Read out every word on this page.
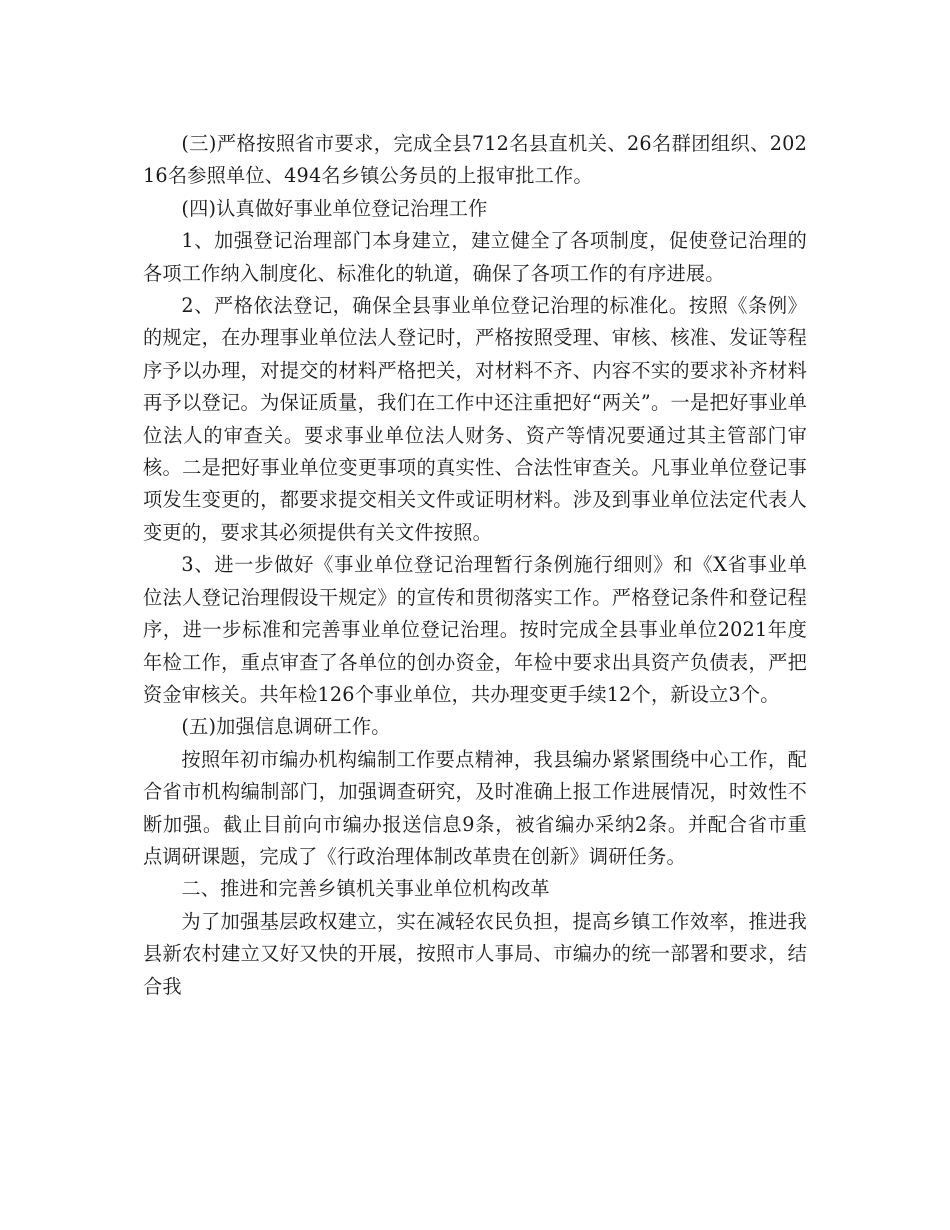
(三)严格按照省市要求，完成全县712名县直机关、26名群团组织、20216名参照单位、494名乡镇公务员的上报审批工作。

(四)认真做好事业单位登记治理工作

1、加强登记治理部门本身建立，建立健全了各项制度，促使登记治理的各项工作纳入制度化、标准化的轨道，确保了各项工作的有序进展。

2、严格依法登记，确保全县事业单位登记治理的标准化。按照《条例》的规定，在办理事业单位法人登记时，严格按照受理、审核、核准、发证等程序予以办理，对提交的材料严格把关，对材料不齐、内容不实的要求补齐材料再予以登记。为保证质量，我们在工作中还注重把好“两关”。一是把好事业单位法人的审查关。要求事业单位法人财务、资产等情况要通过其主管部门审核。二是把好事业单位变更事项的真实性、合法性审查关。凡事业单位登记事项发生变更的，都要求提交相关文件或证明材料。涉及到事业单位法定代表人变更的，要求其必须提供有关文件按照。

3、进一步做好《事业单位登记治理暂行条例施行细则》和《X省事业单位法人登记治理假设干规定》的宣传和贯彻落实工作。严格登记条件和登记程序，进一步标准和完善事业单位登记治理。按时完成全县事业单位2021年度年检工作，重点审查了各单位的创办资金，年检中要求出具资产负债表，严把资金审核关。共年检126个事业单位，共办理变更手续12个，新设立3个。

(五)加强信息调研工作。

按照年初市编办机构编制工作要点精神，我县编办紧紧围绕中心工作，配合省市机构编制部门，加强调查研究，及时准确上报工作进展情况，时效性不断加强。截止目前向市编办报送信息9条，被省编办采纳2条。并配合省市重点调研课题，完成了《行政治理体制改革贵在创新》调研任务。

二、推进和完善乡镇机关事业单位机构改革

为了加强基层政权建立，实在减轻农民负担，提高乡镇工作效率，推进我县新农村建立又好又快的开展，按照市人事局、市编办的统一部署和要求，结合我
